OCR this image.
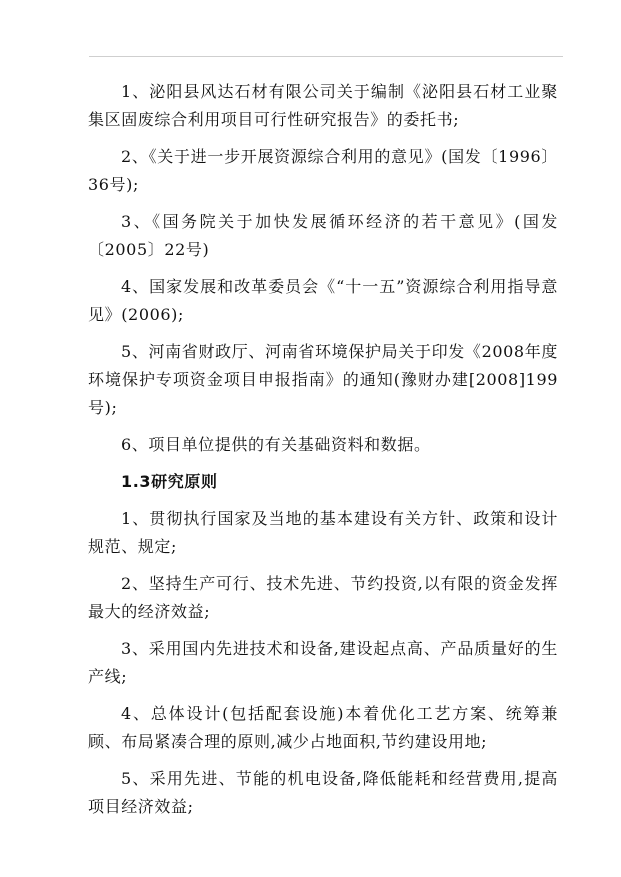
1、泌阳县风达石材有限公司关于编制《泌阳县石材工业聚集区固废综合利用项目可行性研究报告》的委托书;

2、《关于进一步开展资源综合利用的意见》(国发〔1996〕36号);

3、《国务院关于加快发展循环经济的若干意见》(国发〔2005〕22号)

4、国家发展和改革委员会《“十一五”资源综合利用指导意见》(2006);

5、河南省财政厅、河南省环境保护局关于印发《2008年度环境保护专项资金项目申报指南》的通知(豫财办建[2008]199号);

6、项目单位提供的有关基础资料和数据。

1.3研究原则

1、贯彻执行国家及当地的基本建设有关方针、政策和设计规范、规定;

2、坚持生产可行、技术先进、节约投资,以有限的资金发挥最大的经济效益;

3、采用国内先进技术和设备,建设起点高、产品质量好的生产线;

4、总体设计(包括配套设施)本着优化工艺方案、统筹兼顾、布局紧凑合理的原则,减少占地面积,节约建设用地;

5、采用先进、节能的机电设备,降低能耗和经营费用,提高项目经济效益;
